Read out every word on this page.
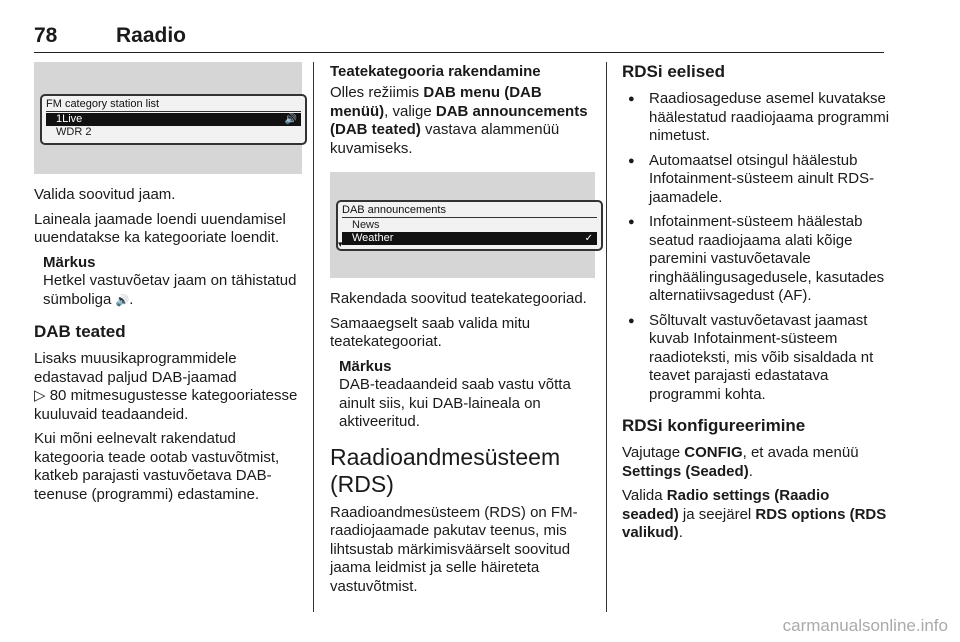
78	Raadio
FM category station list
1Live	🔊
WDR 2

Valida soovitud jaam.

Laineala jaamade loendi uuendamisel uuendatakse ka kategooriate loendit.

Märkus

Hetkel vastuvõetav jaam on tähistatud sümboliga 🔊.

DAB teated

Lisaks muusikaprogrammidele edastavad paljud DAB-jaamad
▷ 80 mitmesugustesse kategooriatesse kuuluvaid teadaandeid.

Kui mõni eelnevalt rakendatud kategooria teade ootab vastuvõtmist, katkeb parajasti vastuvõetava DAB-teenuse (programmi) edastamine.

Teatekategooria rakendamine

Olles režiimis DAB menu (DAB menüü), valige DAB announcements (DAB teated) vastava alammenüü kuvamiseks.

DAB announcements
News
Weather	✓
▾

Rakendada soovitud teatekategooriad.

Samaaegselt saab valida mitu teatekategooriat.

Märkus

DAB-teadaandeid saab vastu võtta ainult siis, kui DAB-laineala on aktiveeritud.

Raadioandmesüsteem (RDS)

Raadioandmesüsteem (RDS) on FM-raadiojaamade pakutav teenus, mis lihtsustab märkimisväärselt soovitud jaama leidmist ja selle häireteta vastuvõtmist.

RDSi eelised
● Raadiosageduse asemel kuvatakse häälestatud raadiojaama programmi nimetust.
● Automaatsel otsingul häälestub Infotainment-süsteem ainult RDS-jaamadele.
● Infotainment-süsteem häälestab seatud raadiojaama alati kõige paremini vastuvõetavale ringhäälingusagedusele, kasutades alternatiivsagedust (AF).
● Sõltuvalt vastuvõetavast jaamast kuvab Infotainment-süsteem raadioteksti, mis võib sisaldada nt teavet parajasti edastatava programmi kohta.
RDSi konfigureerimine

Vajutage CONFIG, et avada menüü Settings (Seaded).

Valida Radio settings (Raadio seaded) ja seejärel RDS options (RDS valikud).

carmanualsonline.info
